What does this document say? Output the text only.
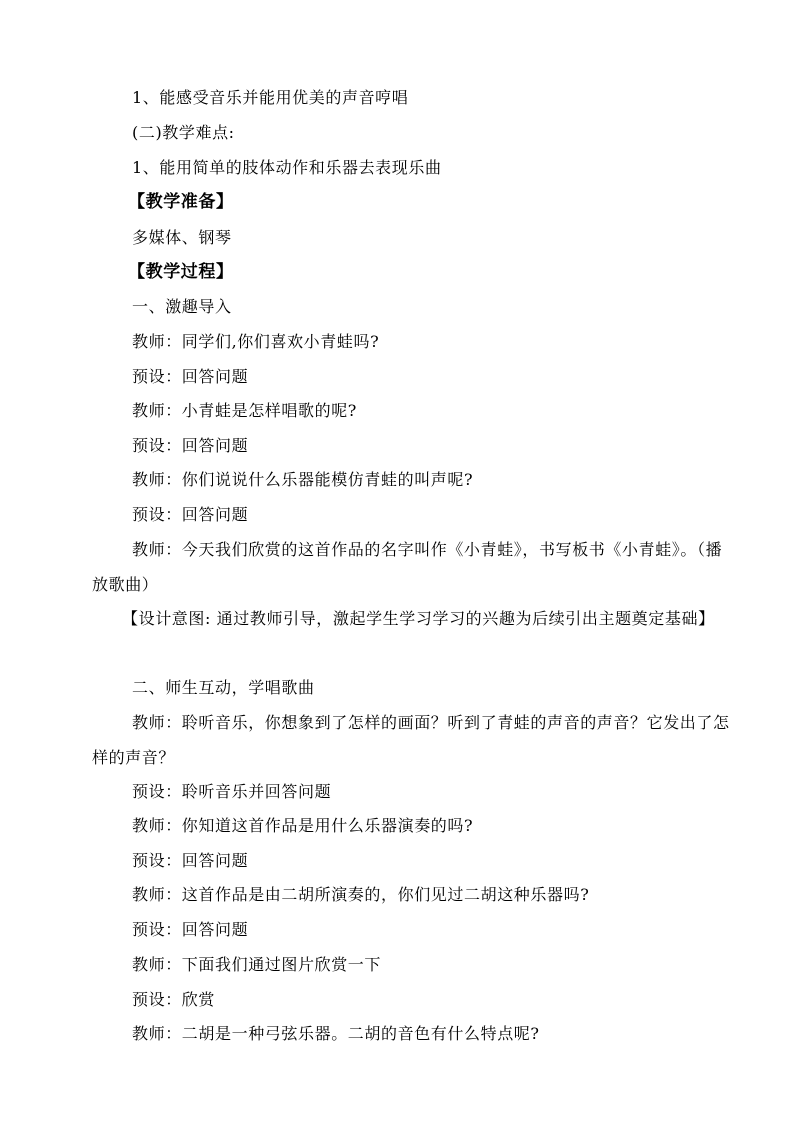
1、能感受音乐并能用优美的声音哼唱
(二)教学难点:
1、能用简单的肢体动作和乐器去表现乐曲
【教学准备】
多媒体、钢琴
【教学过程】
一、激趣导入
教师：同学们,你们喜欢小青蛙吗?
预设：回答问题
教师：小青蛙是怎样唱歌的呢?
预设：回答问题
教师：你们说说什么乐器能模仿青蛙的叫声呢?
预设：回答问题
教师：今天我们欣赏的这首作品的名字叫作《小青蛙》，书写板书《小青蛙》。（播放歌曲）
【设计意图: 通过教师引导，激起学生学习学习的兴趣为后续引出主题奠定基础】
二、师生互动，学唱歌曲
教师：聆听音乐，你想象到了怎样的画面？听到了青蛙的声音的声音？它发出了怎样的声音？
预设：聆听音乐并回答问题
教师：你知道这首作品是用什么乐器演奏的吗?
预设：回答问题
教师：这首作品是由二胡所演奏的，你们见过二胡这种乐器吗?
预设：回答问题
教师：下面我们通过图片欣赏一下
预设：欣赏
教师：二胡是一种弓弦乐器。二胡的音色有什么特点呢?
